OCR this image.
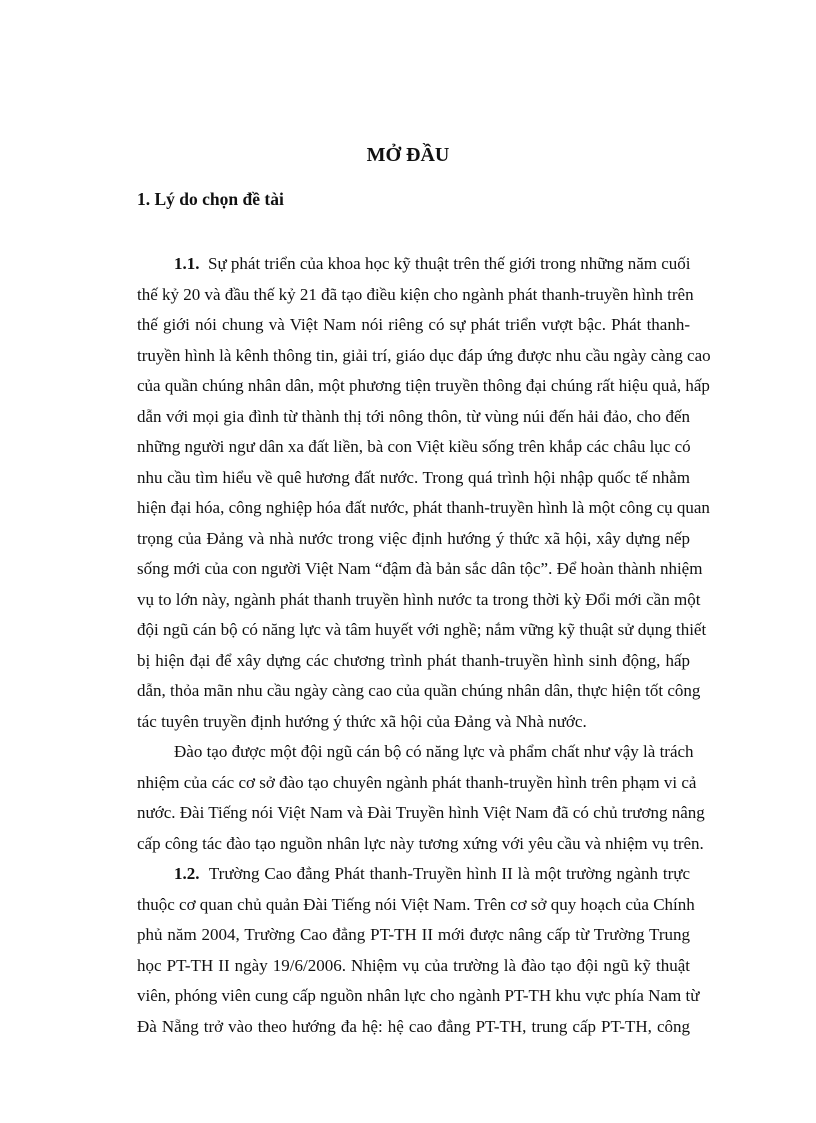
MỞ ĐẦU
1. Lý do chọn đề tài
1.1. Sự phát triển của khoa học kỹ thuật trên thế giới trong những năm cuối
thế kỷ 20 và đầu thế kỷ 21 đã tạo điều kiện cho ngành phát thanh-truyền hình trên
thế giới nói chung và Việt Nam nói riêng có sự phát triển vượt bậc. Phát thanh-
truyền hình là kênh thông tin, giải trí, giáo dục đáp ứng được nhu cầu ngày càng cao
của quần chúng nhân dân, một phương tiện truyền thông đại chúng rất hiệu quả, hấp
dẫn với mọi gia đình từ thành thị tới nông thôn, từ vùng núi đến hải đảo, cho đến
những người ngư dân xa đất liền, bà con Việt kiều sống trên khắp các châu lục có
nhu cầu tìm hiểu về quê hương đất nước. Trong quá trình hội nhập quốc tế nhằm
hiện đại hóa, công nghiệp hóa đất nước, phát thanh-truyền hình là một công cụ quan
trọng của Đảng và nhà nước trong việc định hướng ý thức xã hội, xây dựng nếp
sống mới của con người Việt Nam “đậm đà bản sắc dân tộc”. Để hoàn thành nhiệm
vụ to lớn này, ngành phát thanh truyền hình nước ta trong thời kỳ Đổi mới cần một
đội ngũ cán bộ có năng lực và tâm huyết với nghề; nắm vững kỹ thuật sử dụng thiết
bị hiện đại để xây dựng các chương trình phát thanh-truyền hình sinh động, hấp
dẫn, thỏa mãn nhu cầu ngày càng cao của quần chúng nhân dân, thực hiện tốt công
tác tuyên truyền định hướng ý thức xã hội của Đảng và Nhà nước.
Đào tạo được một đội ngũ cán bộ có năng lực và phẩm chất như vậy là trách
nhiệm của các cơ sở đào tạo chuyên ngành phát thanh-truyền hình trên phạm vi cả
nước. Đài Tiếng nói Việt Nam và Đài Truyền hình Việt Nam đã có chủ trương nâng
cấp công tác đào tạo nguồn nhân lực này tương xứng với yêu cầu và nhiệm vụ trên.
1.2. Trường Cao đẳng Phát thanh-Truyền hình II là một trường ngành trực
thuộc cơ quan chủ quản Đài Tiếng nói Việt Nam. Trên cơ sở quy hoạch của Chính
phủ năm 2004, Trường Cao đẳng PT-TH II mới được nâng cấp từ Trường Trung
học PT-TH II ngày 19/6/2006. Nhiệm vụ của trường là đào tạo đội ngũ kỹ thuật
viên, phóng viên cung cấp nguồn nhân lực cho ngành PT-TH khu vực phía Nam từ
Đà Nẵng trở vào theo hướng đa hệ: hệ cao đẳng PT-TH, trung cấp PT-TH, công
